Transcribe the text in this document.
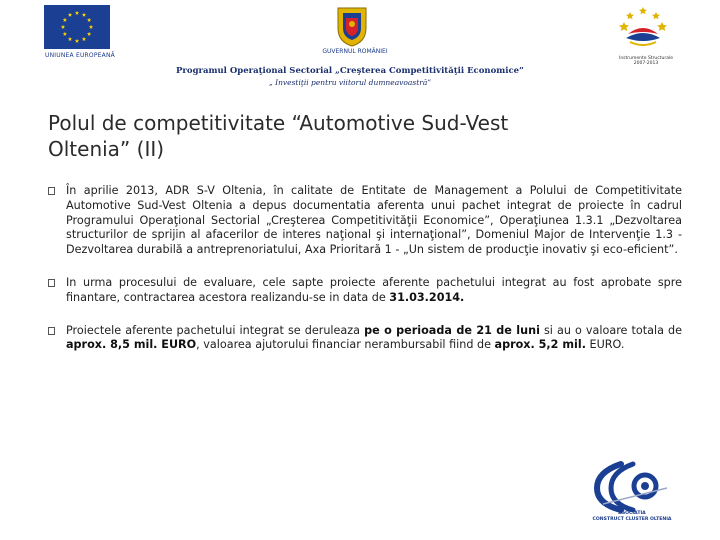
UNIUNEA EUROPEANĂ
GUVERNUL ROMÂNIEI
Programul Operaţional Sectorial „Creşterea Competitivităţii Economice”
„ Investiţii pentru viitorul dumneavoastră”
Instrumente Structurale
2007-2013
Polul de competitivitate “Automotive Sud-Vest
Oltenia” (II)
În aprilie 2013, ADR S-V Oltenia, în calitate de Entitate de Management a Polului de Competitivitate Automotive Sud-Vest Oltenia a depus documentatia aferenta unui pachet integrat de proiecte în cadrul Programului Operaţional Sectorial „Creşterea Competitivităţii Economice”, Operaţiunea 1.3.1 „Dezvoltarea structurilor de sprijin al afacerilor de interes naţional şi internaţional”, Domeniul Major de Intervenţie 1.3 - Dezvoltarea durabilă a antreprenoriatului, Axa Prioritară 1 - „Un sistem de producţie inovativ şi eco-eficient”.
In urma procesului de evaluare, cele sapte proiecte aferente pachetului integrat au fost aprobate spre finantare, contractarea acestora realizandu-se in data de 31.03.2014.
Proiectele aferente pachetului integrat se deruleaza pe o perioada de 21 de luni si au o valoare totala de aprox. 8,5 mil. EURO, valoarea ajutorului financiar nerambursabil fiind de aprox. 5,2 mil. EURO.
ASOCIATIA
CONSTRUCT CLUSTER OLTENIA
